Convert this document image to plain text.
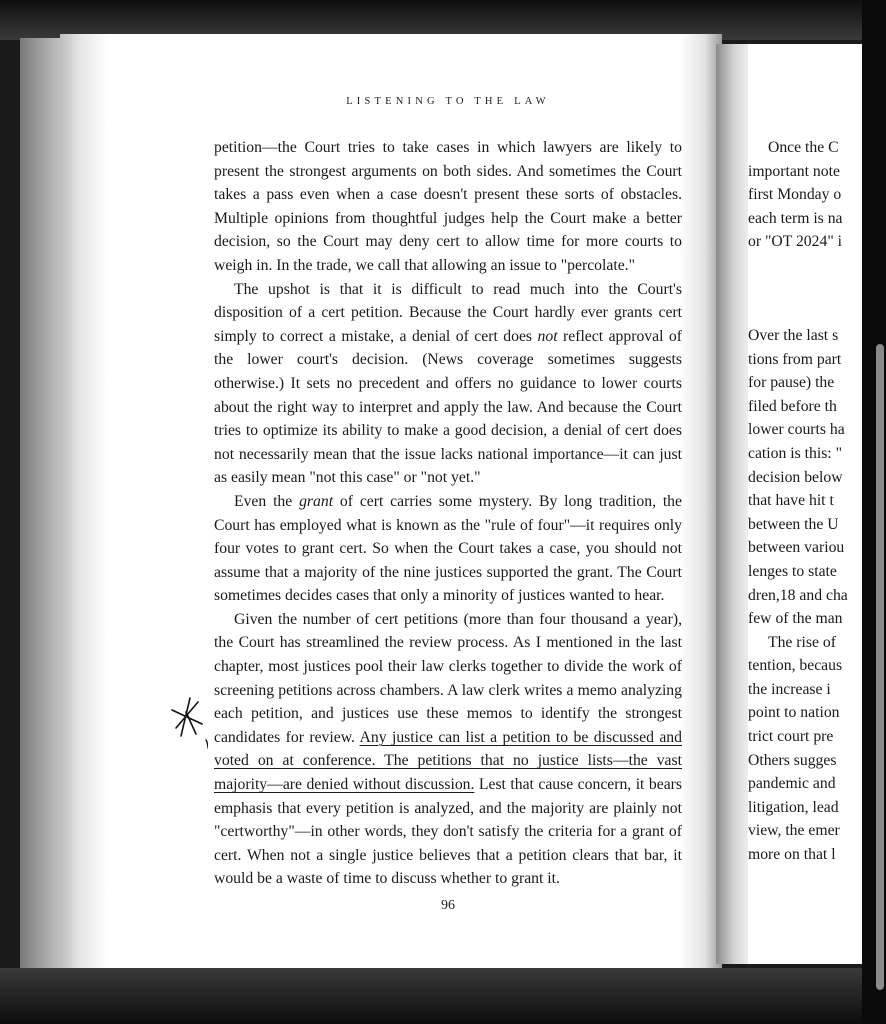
LISTENING TO THE LAW

petition—the Court tries to take cases in which lawyers are likely to present the strongest arguments on both sides. And sometimes the Court takes a pass even when a case doesn't present these sorts of obstacles. Multiple opinions from thoughtful judges help the Court make a better decision, so the Court may deny cert to allow time for more courts to weigh in. In the trade, we call that allowing an issue to "percolate."

The upshot is that it is difficult to read much into the Court's disposition of a cert petition. Because the Court hardly ever grants cert simply to correct a mistake, a denial of cert does not reflect approval of the lower court's decision. (News coverage sometimes suggests otherwise.) It sets no precedent and offers no guidance to lower courts about the right way to interpret and apply the law. And because the Court tries to optimize its ability to make a good decision, a denial of cert does not necessarily mean that the issue lacks national importance—it can just as easily mean "not this case" or "not yet."

Even the grant of cert carries some mystery. By long tradition, the Court has employed what is known as the "rule of four"—it requires only four votes to grant cert. So when the Court takes a case, you should not assume that a majority of the nine justices supported the grant. The Court sometimes decides cases that only a minority of justices wanted to hear.

Given the number of cert petitions (more than four thousand a year), the Court has streamlined the review process. As I mentioned in the last chapter, most justices pool their law clerks together to divide the work of screening petitions across chambers. A law clerk writes a memo analyzing each petition, and justices use these memos to identify the strongest candidates for review. Any justice can list a petition to be discussed and voted on at conference. The petitions that no justice lists—the vast majority—are denied without discussion. Lest that cause concern, it bears emphasis that every petition is analyzed, and the majority are plainly not "certworthy"—in other words, they don't satisfy the criteria for a grant of cert. When not a single justice believes that a petition clears that bar, it would be a waste of time to discuss whether to grant it.

96
Once the C
important note
first Monday o
each term is na
or "OT 2024" i
Over the last s
tions from part
for pause) the
filed before th
lower courts ha
cation is this: "
decision below
that have hit t
between the U
between variou
lenges to state
dren,18 and cha
few of the man
The rise of
tention, becaus
the increase i
point to nation
trict court pre
Others sugges
pandemic and
litigation, lead
view, the emer
more on that l
